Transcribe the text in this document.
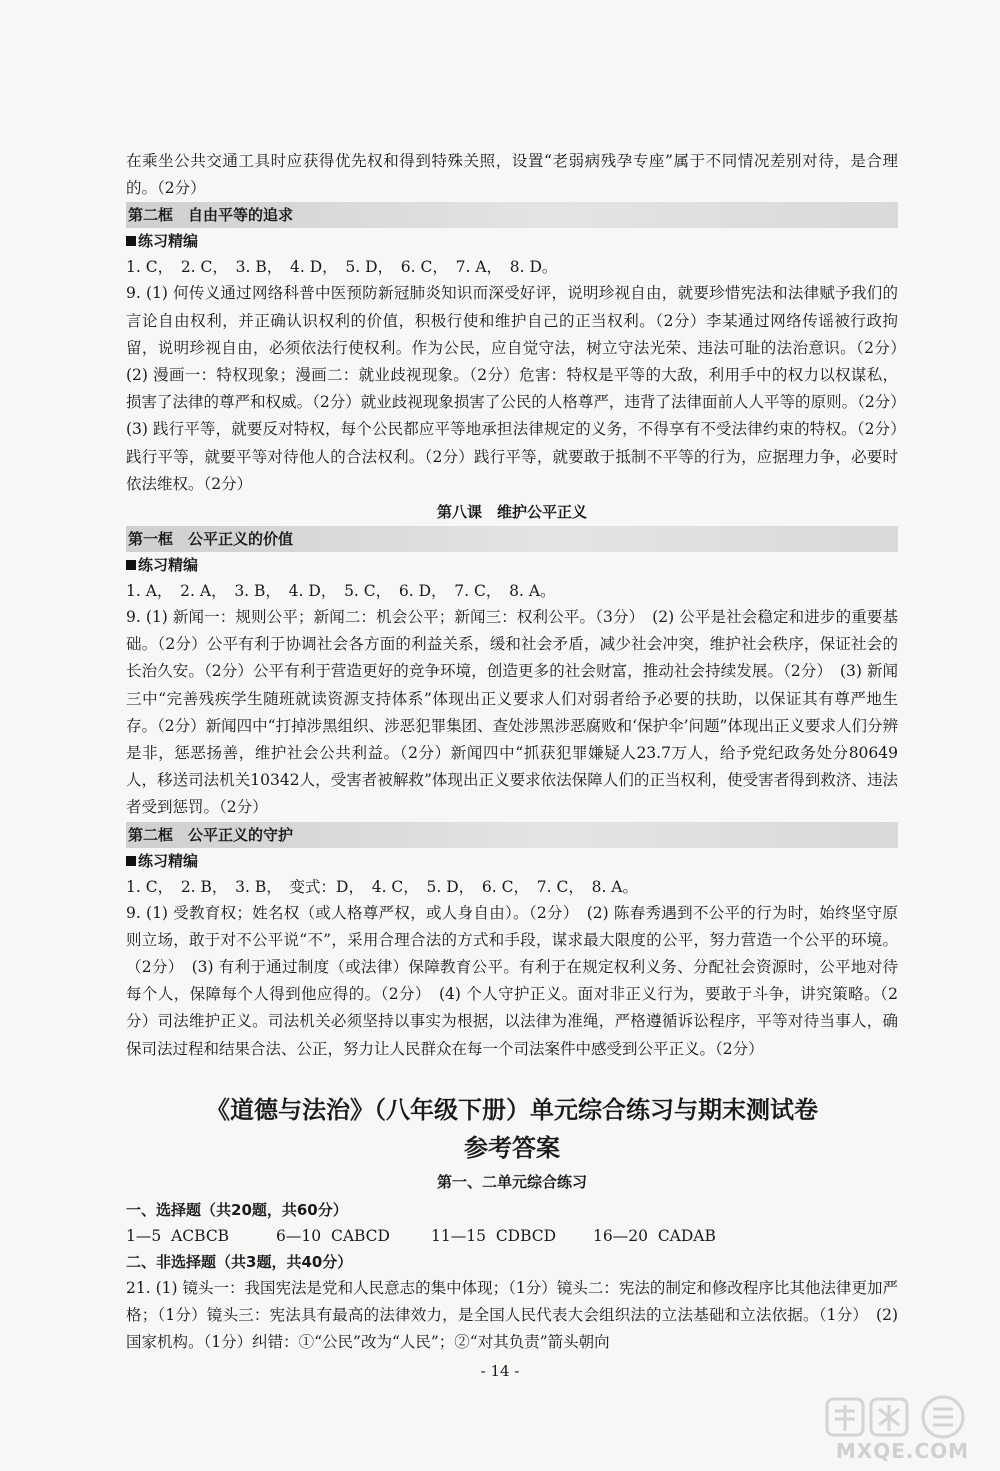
在乘坐公共交通工具时应获得优先权和得到特殊关照，设置“老弱病残孕专座”属于不同情况差别对待，是合理的。（2分）

第二框　自由平等的追求
练习精编
1. C，　2. C，　3. B，　4. D，　5. D，　6. C，　7. A，　8. D。

9. (1) 何传义通过网络科普中医预防新冠肺炎知识而深受好评，说明珍视自由，就要珍惜宪法和法律赋予我们的言论自由权利，并正确认识权利的价值，积极行使和维护自己的正当权利。（2分）李某通过网络传谣被行政拘留，说明珍视自由，必须依法行使权利。作为公民，应自觉守法，树立守法光荣、违法可耻的法治意识。（2分）　(2) 漫画一：特权现象；漫画二：就业歧视现象。（2分）危害：特权是平等的大敌，利用手中的权力以权谋私，损害了法律的尊严和权威。（2分）就业歧视现象损害了公民的人格尊严，违背了法律面前人人平等的原则。（2分）　(3) 践行平等，就要反对特权，每个公民都应平等地承担法律规定的义务，不得享有不受法律约束的特权。（2分）践行平等，就要平等对待他人的合法权利。（2分）践行平等，就要敢于抵制不平等的行为，应据理力争，必要时依法维权。（2分）

第八课　维护公平正义
第一框　公平正义的价值
练习精编
1. A，　2. A，　3. B，　4. D，　5. C，　6. D，　7. C，　8. A。

9. (1) 新闻一：规则公平；新闻二：机会公平；新闻三：权利公平。（3分）　(2) 公平是社会稳定和进步的重要基础。（2分）公平有利于协调社会各方面的利益关系，缓和社会矛盾，减少社会冲突，维护社会秩序，保证社会的长治久安。（2分）公平有利于营造更好的竞争环境，创造更多的社会财富，推动社会持续发展。（2分）　(3) 新闻三中“完善残疾学生随班就读资源支持体系”体现出正义要求人们对弱者给予必要的扶助，以保证其有尊严地生存。（2分）新闻四中“打掉涉黑组织、涉恶犯罪集团、查处涉黑涉恶腐败和‘保护伞’问题”体现出正义要求人们分辨是非，惩恶扬善，维护社会公共利益。（2分）新闻四中“抓获犯罪嫌疑人23.7万人，给予党纪政务处分80649人，移送司法机关10342人，受害者被解救”体现出正义要求依法保障人们的正当权利，使受害者得到救济、违法者受到惩罚。（2分）

第二框　公平正义的守护
练习精编
1. C，　2. B，　3. B，　变式：D，　4. C，　5. D，　6. C，　7. C，　8. A。

9. (1) 受教育权；姓名权（或人格尊严权，或人身自由）。（2分）　(2) 陈春秀遇到不公平的行为时，始终坚守原则立场，敢于对不公平说“不”，采用合理合法的方式和手段，谋求最大限度的公平，努力营造一个公平的环境。（2分）　(3) 有利于通过制度（或法律）保障教育公平。有利于在规定权利义务、分配社会资源时，公平地对待每个人，保障每个人得到他应得的。（2分）　(4) 个人守护正义。面对非正义行为，要敢于斗争，讲究策略。（2分）司法维护正义。司法机关必须坚持以事实为根据，以法律为准绳，严格遵循诉讼程序，平等对待当事人，确保司法过程和结果合法、公正，努力让人民群众在每一个司法案件中感受到公平正义。（2分）

《道德与法治》（八年级下册）单元综合练习与期末测试卷
参考答案
第一、二单元综合练习
一、选择题（共20题，共60分）
1—5 ACBCB	6—10 CABCD	11—15 CDBCD	16—20 CADAB
二、非选择题（共3题，共40分）

21. (1) 镜头一：我国宪法是党和人民意志的集中体现；（1分）镜头二：宪法的制定和修改程序比其他法律更加严格；（1分）镜头三：宪法具有最高的法律效力，是全国人民代表大会组织法的立法基础和立法依据。（1分）　(2) 国家机构。（1分）纠错：①“公民”改为“人民”；②“对其负责”箭头朝向

- 14 -
MXQE.COM
